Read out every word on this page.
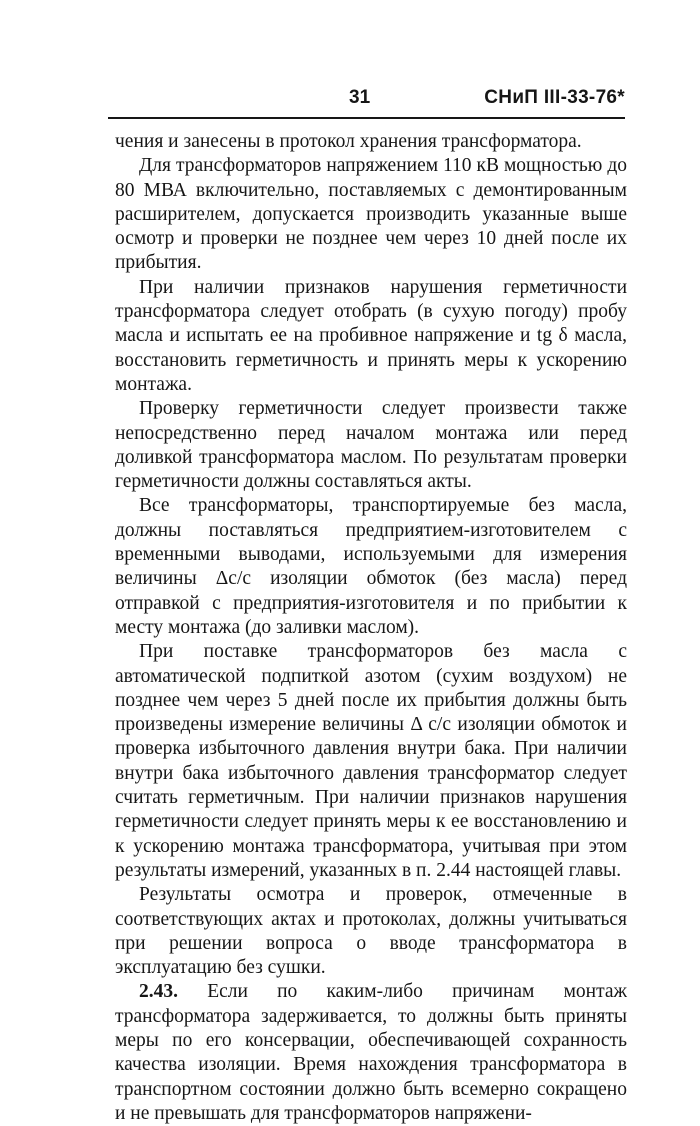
31	СНиП III-33-76*

чения и занесены в протокол хранения трансформатора.

Для трансформаторов напряжением 110 кВ мощностью до 80 МВА включительно, поставляемых с демонтированным расширителем, допускается производить указанные выше осмотр и проверки не позднее чем через 10 дней после их прибытия.

При наличии признаков нарушения герметичности трансформатора следует отобрать (в сухую погоду) пробу масла и испытать ее на пробивное напряжение и tg δ масла, восстановить герметичность и принять меры к ускорению монтажа.

Проверку герметичности следует произвести также непосредственно перед началом монтажа или перед доливкой трансформатора маслом. По результатам проверки герметичности должны составляться акты.

Все трансформаторы, транспортируемые без масла, должны поставляться предприятием-изготовителем с временными выводами, используемыми для измерения величины Δc/c изоляции обмоток (без масла) перед отправкой с предприятия-изготовителя и по прибытии к месту монтажа (до заливки маслом).

При поставке трансформаторов без масла с автоматической подпиткой азотом (сухим воздухом) не позднее чем через 5 дней после их прибытия должны быть произведены измерение величины Δ c/c изоляции обмоток и проверка избыточного давления внутри бака. При наличии внутри бака избыточного давления трансформатор следует считать герметичным. При наличии признаков нарушения герметичности следует принять меры к ее восстановлению и к ускорению монтажа трансформатора, учитывая при этом результаты измерений, указанных в п. 2.44 настоящей главы.

Результаты осмотра и проверок, отмеченные в соответствующих актах и протоколах, должны учитываться при решении вопроса о вводе трансформатора в эксплуатацию без сушки.

2.43. Если по каким-либо причинам монтаж трансформатора задерживается, то должны быть приняты меры по его консервации, обеспечивающей сохранность качества изоляции. Время нахождения трансформатора в транспортном состоянии должно быть всемерно сокращено и не превышать для трансформаторов напряжени-
